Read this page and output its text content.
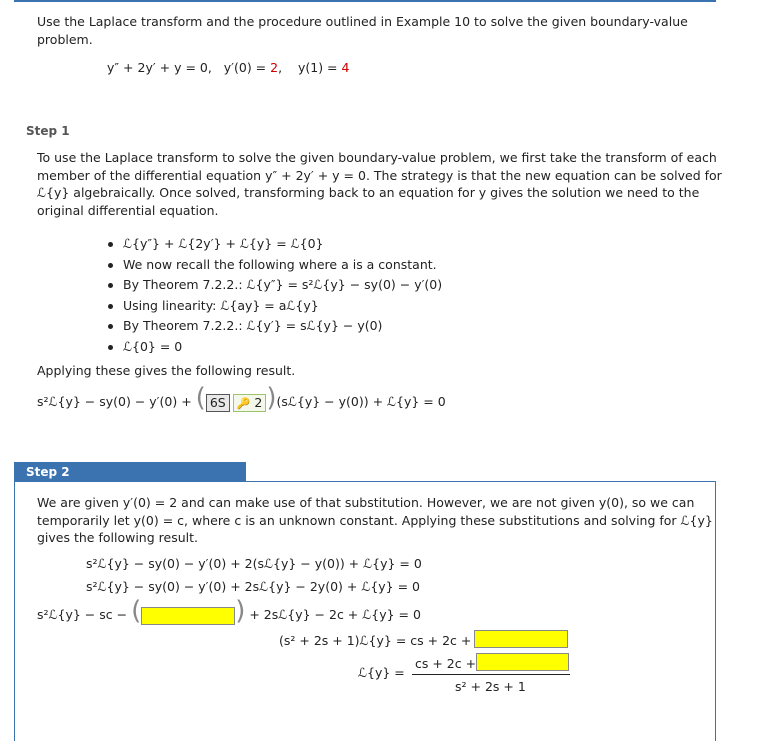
Use the Laplace transform and the procedure outlined in Example 10 to solve the given boundary-value
problem.
y″ + 2y′ + y = 0, y′(0) = 2, y(1) = 4
Step 1
To use the Laplace transform to solve the given boundary-value problem, we first take the transform of each
member of the differential equation y″ + 2y′ + y = 0. The strategy is that the new equation can be solved for
ℒ{y} algebraically. Once solved, transforming back to an equation for y gives the solution we need to the
original differential equation.
ℒ{y″} + ℒ{2y′} + ℒ{y} = ℒ{0}
We now recall the following where a is a constant.
By Theorem 7.2.2.: ℒ{y″} = s²ℒ{y} − sy(0) − y′(0)
Using linearity: ℒ{ay} = aℒ{y}
By Theorem 7.2.2.: ℒ{y′} = sℒ{y} − y(0)
ℒ{0} = 0
Applying these gives the following result.
s²ℒ{y} − sy(0) − y′(0) + ( 6S 🔑 2 )(sℒ{y} − y(0)) + ℒ{y} = 0
Step 2
We are given y′(0) = 2 and can make use of that substitution. However, we are not given y(0), so we can
temporarily let y(0) = c, where c is an unknown constant. Applying these substitutions and solving for ℒ{y}
gives the following result.
s²ℒ{y} − sy(0) − y′(0) + 2(sℒ{y} − y(0)) + ℒ{y} = 0
s²ℒ{y} − sy(0) − y′(0) + 2sℒ{y} − 2y(0) + ℒ{y} = 0
s²ℒ{y} − sc − (	) + 2sℒ{y} − 2c + ℒ{y} = 0
(s² + 2s + 1)ℒ{y} = cs + 2c +
ℒ{y} =
cs + 2c +
s² + 2s + 1
